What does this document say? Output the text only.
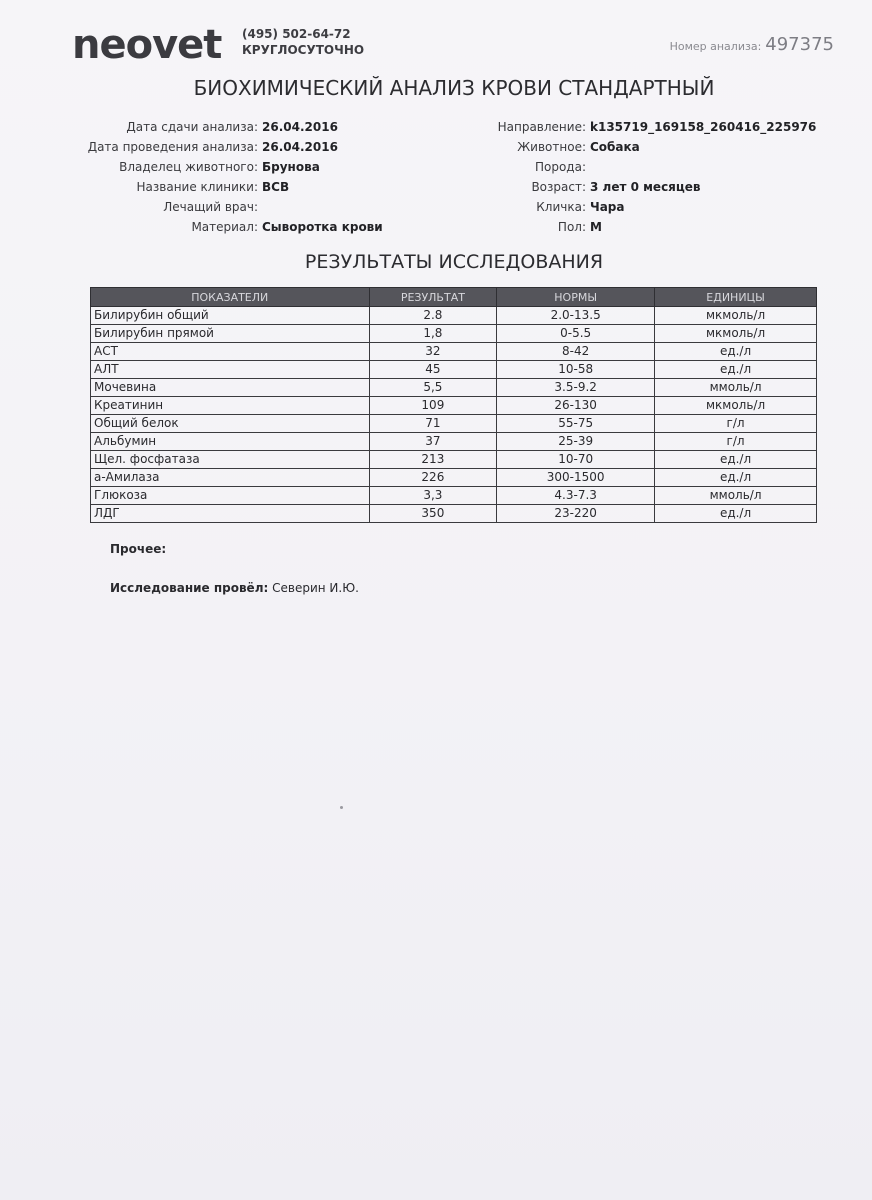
neovet (495) 502-64-72
КРУГЛОСУТОЧНО	Номер анализа: 497375
БИОХИМИЧЕСКИЙ АНАЛИЗ КРОВИ СТАНДАРТНЫЙ
Дата сдачи анализа: 26.04.2016
Дата проведения анализа: 26.04.2016
Владелец животного: Брунова
Название клиники: ВСВ
Лечащий врач:
Материал: Сыворотка крови
Направление: k135719_169158_260416_225976
Животное: Собака
Порода:
Возраст: 3 лет 0 месяцев
Кличка: Чара
Пол: М
РЕЗУЛЬТАТЫ ИССЛЕДОВАНИЯ
ПОКАЗАТЕЛИ	РЕЗУЛЬТАТ	НОРМЫ	ЕДИНИЦЫ
Билирубин общий	2.8	2.0-13.5	мкмоль/л
Билирубин прямой	1,8	0-5.5	мкмоль/л
АСТ	32	8-42	ед./л
АЛТ	45	10-58	ед./л
Мочевина	5,5	3.5-9.2	ммоль/л
Креатинин	109	26-130	мкмоль/л
Общий белок	71	55-75	г/л
Альбумин	37	25-39	г/л
Щел. фосфатаза	213	10-70	ед./л
a-Амилаза	226	300-1500	ед./л
Глюкоза	3,3	4.3-7.3	ммоль/л
ЛДГ	350	23-220	ед./л
Прочее:
Исследование провёл: Северин И.Ю.
